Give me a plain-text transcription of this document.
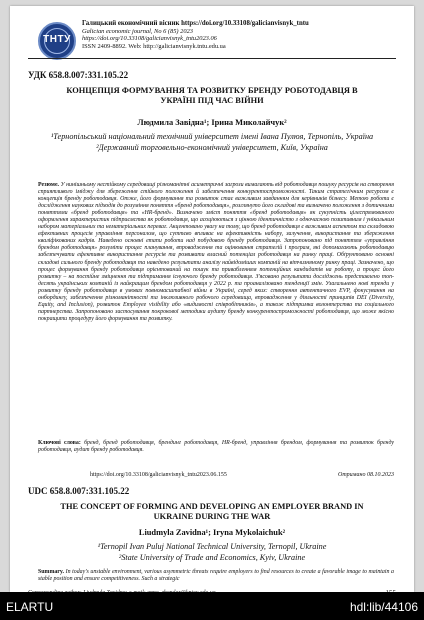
ТНТУ
Галицький економічний вісник https://doi.org/10.33108/galicianvisnyk_tntu
Galician economic journal, No 6 (85) 2023
https://doi.org/10.33108/galicianvisnyk_tntu2023.06
ISSN 2409-8892. Web: http://galicianvisnyk.tntu.edu.ua
УДК 658.8.007:331.105.22
КОНЦЕПЦІЯ ФОРМУВАННЯ ТА РОЗВИТКУ БРЕНДУ РОБОТОДАВЦЯ В УКРАЇНІ ПІД ЧАС ВІЙНИ
Людмила Завідна¹; Ірина Миколайчук²
¹Тернопільський національний технічний університет імені Івана Пулюя, Тернопіль, Україна
²Державний торговельно-економічний університет, Київ, Україна
Резюме. У нинішньому нестійкому середовищі різноманітні асиметричні загрози вимагають від роботодавця пошуку ресурсів на створення сприятливого іміджу для збереження стійкого положення й забезпечення конкурентоспроможності. Таким стратегічним ресурсом є концепція бренду роботодавця. Отже, його формування та розвиток стає важливим завданням для керівників бізнесу. Метою роботи є дослідження наукових підходів до розуміння поняття «бренд роботодавця», розглянуто його складові та визначено положення з дотичними поняттями «бренд роботодавця» та «HR-бренд». Визначено зміст поняття «бренд роботодавця» як сукупність цілеспрямованого оформлення характеристик підприємства як роботодавця, що асоціюються з цінною ідентичністю з одночасною позитивним і унікальним набором матеріальних та нематеріальних переваг. Акцентовано увагу на тому, що бренд роботодавця є важливим аспектом та складовою ефективних процесів управління персоналом, що суттєво впливає на ефективність набору, залучення, використання та збереження кваліфікованих кадрів. Наведено основні етапи роботи над побудовою бренду роботодавця. Запропоновано під поняттям «управління брендом роботодавця» розуміти процес планування, впровадження та оцінювання стратегій і програм, які допомагають роботодавцю забезпечувати ефективне використання ресурсів та розвивати власний потенціал роботодавця на ринку праці. Обґрунтовано основні складові сильного бренду роботодавця та наведено результати аналізу найвідоміших компаній на вітчизняному ринку праці. Зазначено, що процес формування бренду роботодавця орієнтований на пошук та привабленням потенційних кандидатів на роботу, а процес його розвитку – на постійне зміцнення та підтримання існуючого бренду роботодавця. З'ясовано результати досліджень представлено топ-десять українських компаній із найкращим брендом роботодавця у 2022 р. та проаналізовано тенденції змін. Узагальнено нові тренди у розвитку бренду роботодавця в умовах повномасштабної війни в Україні, серед яких: створення автентичного EVP, фокусування на онбордингу, забезпечення різноманітності та інклюзивного робочого середовища, впровадження у діяльності принципів DEI (Diversity, Equity, and Inclusion), розвиток Employee visibility або «видимості співробітників», а також підтримка волонтерства та соціального партнерства. Запропоновано застосування покрокової методики аудиту бренду конкурентоспроможності роботодавця, що може якісно покращити процедуру його формування та розвитку.
Ключові слова: бренд, бренд роботодавця, брендинг роботодавця, HR-бренд, управління брендом, формування та розвиток бренду роботодавця, аудит бренду роботодавця.
https://doi.org/10.33108/galicianvisnyk_tntu2023.06.155	Отримано 08.10.2023
UDC 658.8.007:331.105.22
THE CONCEPT OF FORMING AND DEVELOPING AN EMPLOYER BRAND IN UKRAINE DURING THE WAR
Liudmyla Zavidna¹; Iryna Mykolaichuk²
¹Ternopil Ivan Puluj National Technical University, Ternopil, Ukraine
²State University of Trade and Economics, Kyiv, Ukraine
Summary. In today's unstable environment, various asymmetric threats require employers to find resources to create a favorable image to maintain a stable position and ensure competitiveness. Such a strategic
ELARTU	hdl:lib/44106
